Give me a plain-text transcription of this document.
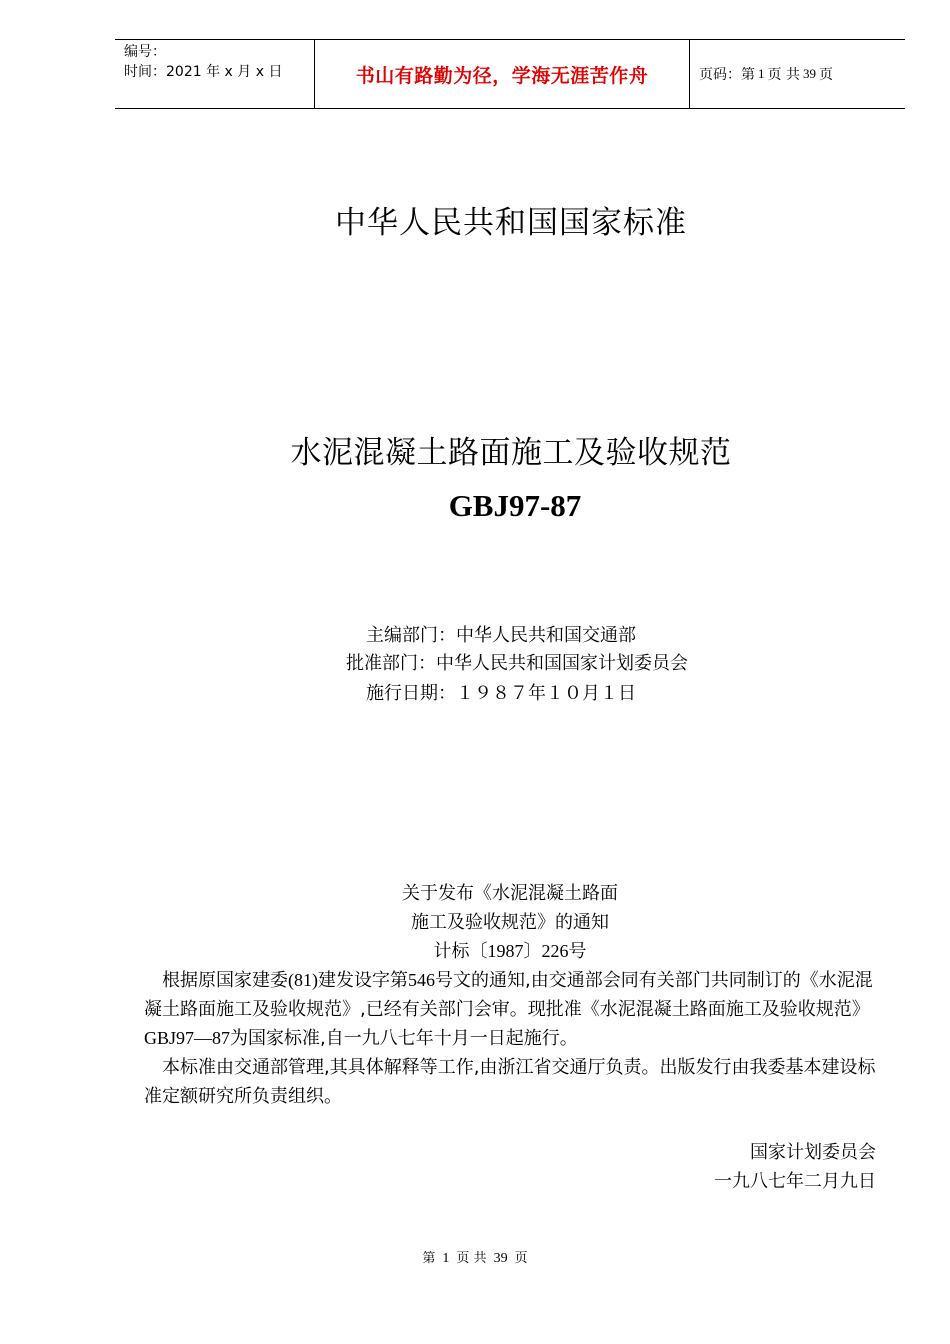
编号：
时间：2021 年 x 月 x 日	书山有路勤为径，学海无涯苦作舟	页码：第 1 页 共 39 页
中华人民共和国国家标准
水泥混凝土路面施工及验收规范
GBJ97-87
主编部门：中华人民共和国交通部
批准部门：中华人民共和国国家计划委员会
施行日期：１９８７年１０月１日
关于发布《水泥混凝土路面
施工及验收规范》的通知
计标〔1987〕226号

根据原国家建委(81)建发设字第546号文的通知,由交通部会同有关部门共同制订的《水泥混凝土路面施工及验收规范》,已经有关部门会审。现批准《水泥混凝土路面施工及验收规范》GBJ97—87为国家标准,自一九八七年十月一日起施行。

本标准由交通部管理,其具体解释等工作,由浙江省交通厅负责。出版发行由我委基本建设标准定额研究所负责组织。

国家计划委员会
一九八七年二月九日
第 1 页 共 39 页
